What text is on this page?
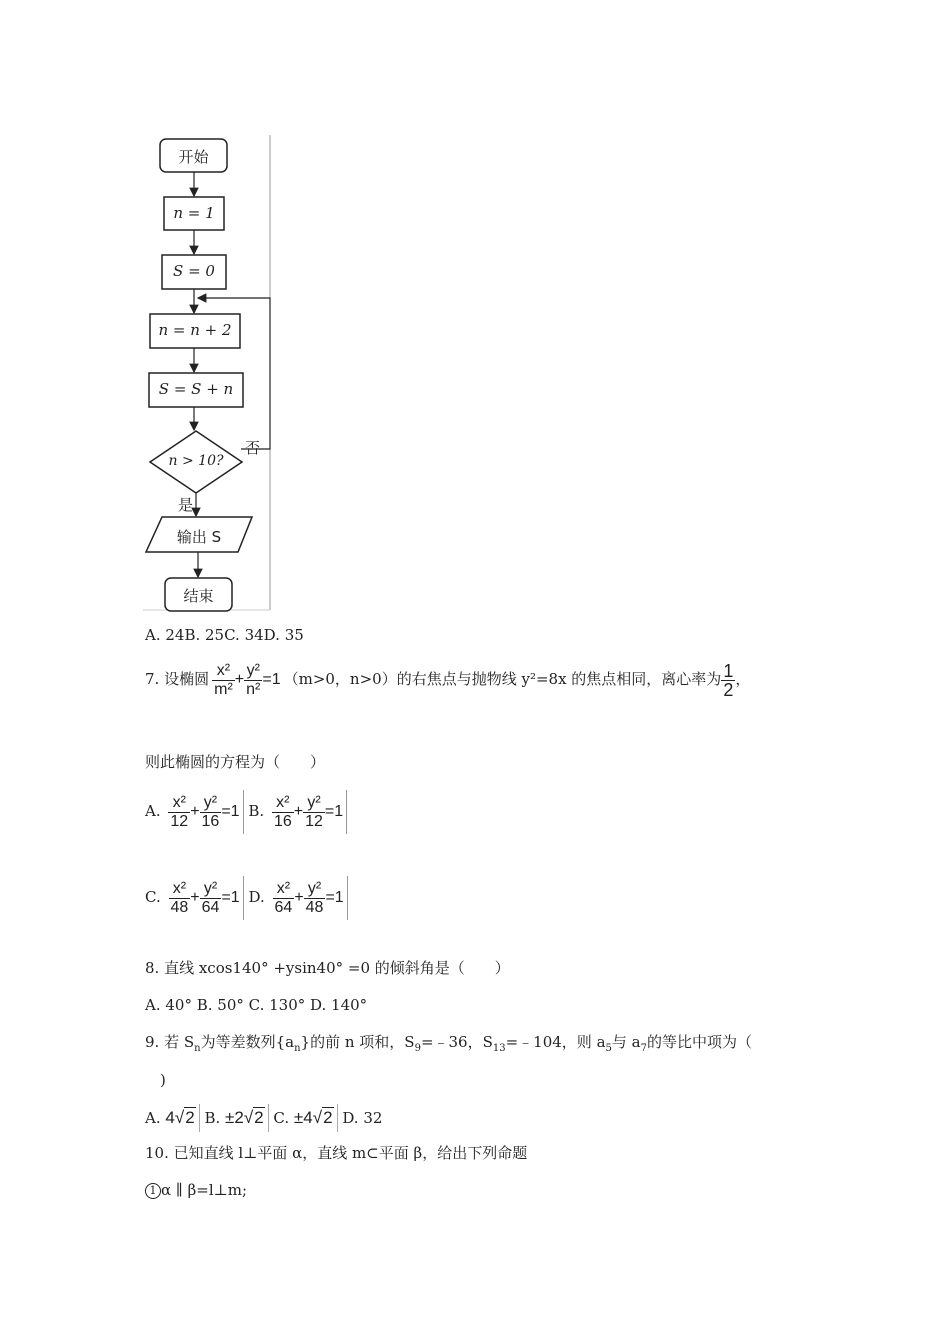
开始
n = 1
S = 0
n = n + 2
S = S + n
n > 10?
否
是
输出 S
结束
A. 24B. 25C. 34D. 35
7. 设椭圆 $\frac{\text{x²}}{\text{m²}} + \frac{\text{y²}}{\text{n²}} =1$ （m>0，n>0）的右焦点与抛物线 y²=8x 的焦点相同，离心率为 $\frac{1}{2}$ ，
则此椭圆的方程为（　　）
A. $\frac{\text{x²}}{12} + \frac{\text{y²}}{16} =1$ B. $\frac{\text{x²}}{16} + \frac{\text{y²}}{12} =1$
C. $\frac{\text{x²}}{48} + \frac{\text{y²}}{64} =1$ D. $\frac{\text{x²}}{64} + \frac{\text{y²}}{48} =1$
8. 直线 xcos140° +ysin40° =0 的倾斜角是（　　）
A. 40° B. 50° C. 130° D. 140°
9. 若 $S_n$为等差数列$\{a_n\}$的前 n 项和，$S_9=﹣36$，$S_{13}=﹣104$，则 $a_5$与 $a_7$的等比中项为（
)
A. 4√2 B. ±2√2 C. ±4√2 D. 32
10. 已知直线 l⊥平面 α，直线 m⊂平面 β，给出下列命题
1 α ∥ β=l⊥m;
